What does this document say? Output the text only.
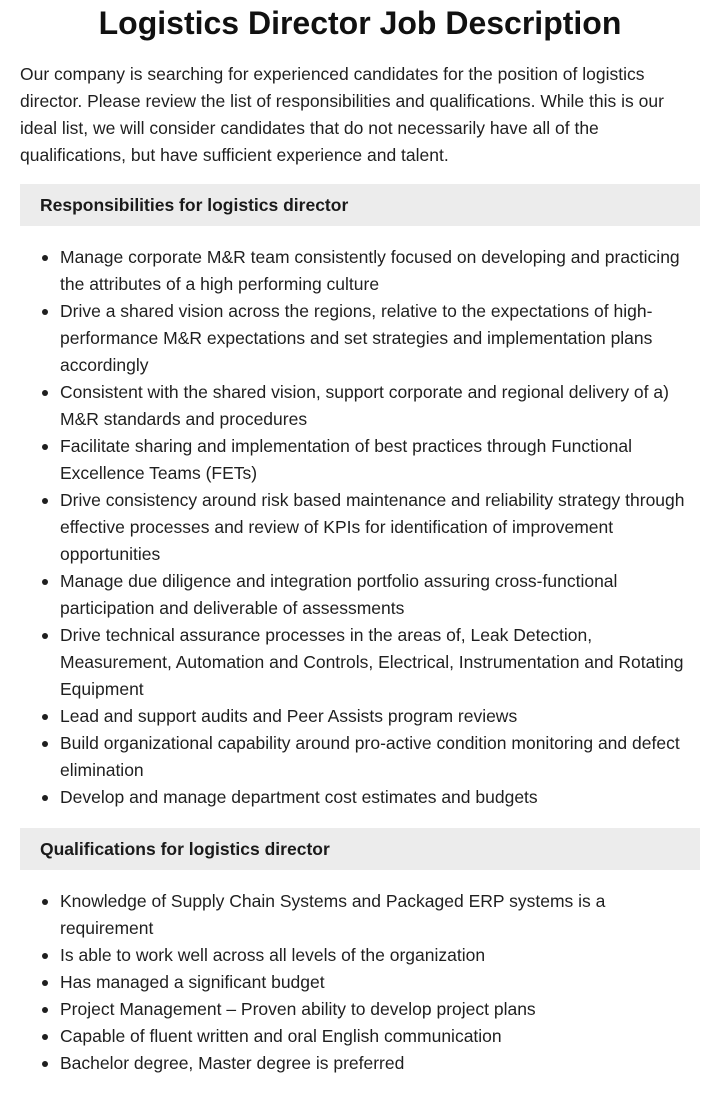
Logistics Director Job Description

Our company is searching for experienced candidates for the position of logistics director. Please review the list of responsibilities and qualifications. While this is our ideal list, we will consider candidates that do not necessarily have all of the qualifications, but have sufficient experience and talent.

Responsibilities for logistics director
Manage corporate M&R team consistently focused on developing and practicing the attributes of a high performing culture
Drive a shared vision across the regions, relative to the expectations of high-performance M&R expectations and set strategies and implementation plans accordingly
Consistent with the shared vision, support corporate and regional delivery of a) M&R standards and procedures
Facilitate sharing and implementation of best practices through Functional Excellence Teams (FETs)
Drive consistency around risk based maintenance and reliability strategy through effective processes and review of KPIs for identification of improvement opportunities
Manage due diligence and integration portfolio assuring cross-functional participation and deliverable of assessments
Drive technical assurance processes in the areas of, Leak Detection, Measurement, Automation and Controls, Electrical, Instrumentation and Rotating Equipment
Lead and support audits and Peer Assists program reviews
Build organizational capability around pro-active condition monitoring and defect elimination
Develop and manage department cost estimates and budgets
Qualifications for logistics director
Knowledge of Supply Chain Systems and Packaged ERP systems is a requirement
Is able to work well across all levels of the organization
Has managed a significant budget
Project Management – Proven ability to develop project plans
Capable of fluent written and oral English communication
Bachelor degree, Master degree is preferred
